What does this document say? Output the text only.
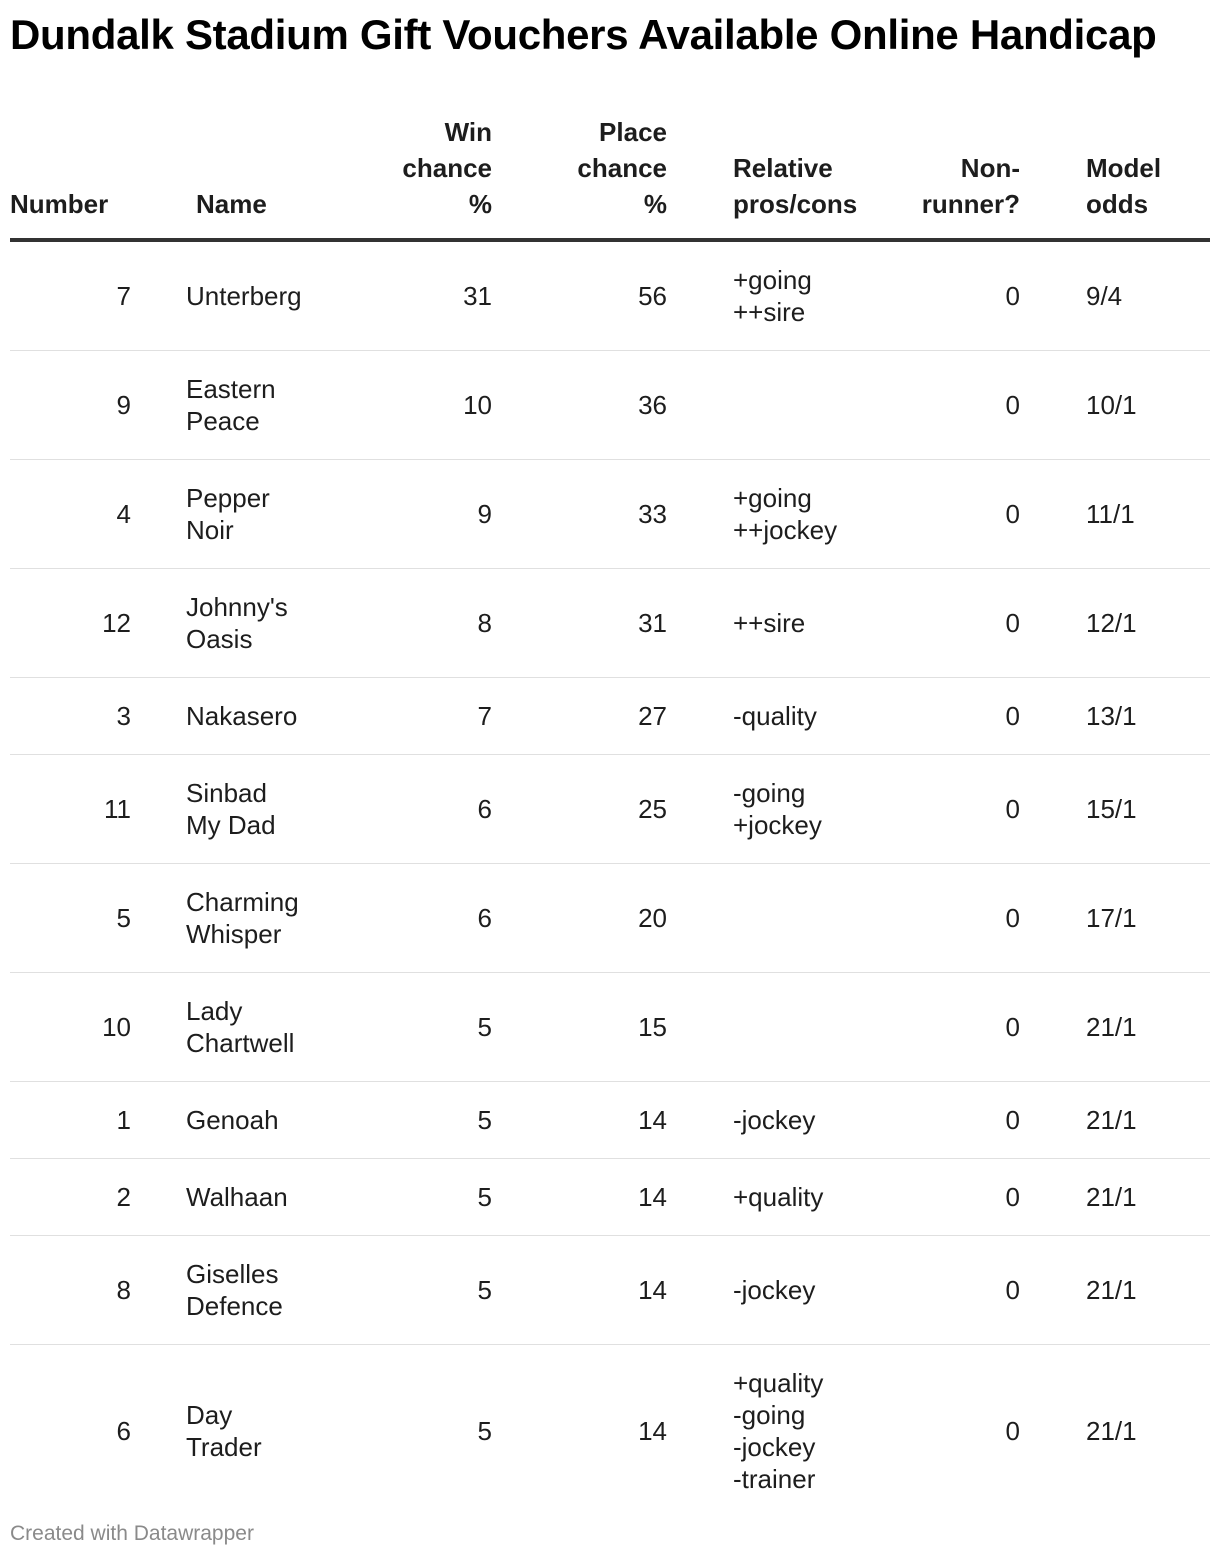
Dundalk Stadium Gift Vouchers Available Online Handicap
Number	Name	Win
chance
%	Place
chance
%	Relative
pros/cons	Non-
runner?	Model
odds

7	Unterberg	31	56	+going
++sire	0	9/4
9	Eastern
Peace	10	36		0	10/1
4	Pepper
Noir	9	33	+going
++jockey	0	11/1
12	Johnny's
Oasis	8	31	++sire	0	12/1
3	Nakasero	7	27	-quality	0	13/1
11	Sinbad
My Dad	6	25	-going
+jockey	0	15/1
5	Charming
Whisper	6	20		0	17/1
10	Lady
Chartwell	5	15		0	21/1
1	Genoah	5	14	-jockey	0	21/1
2	Walhaan	5	14	+quality	0	21/1
8	Giselles
Defence	5	14	-jockey	0	21/1
6	Day
Trader	5	14	+quality
-going
-jockey
-trainer	0	21/1
Created with Datawrapper
